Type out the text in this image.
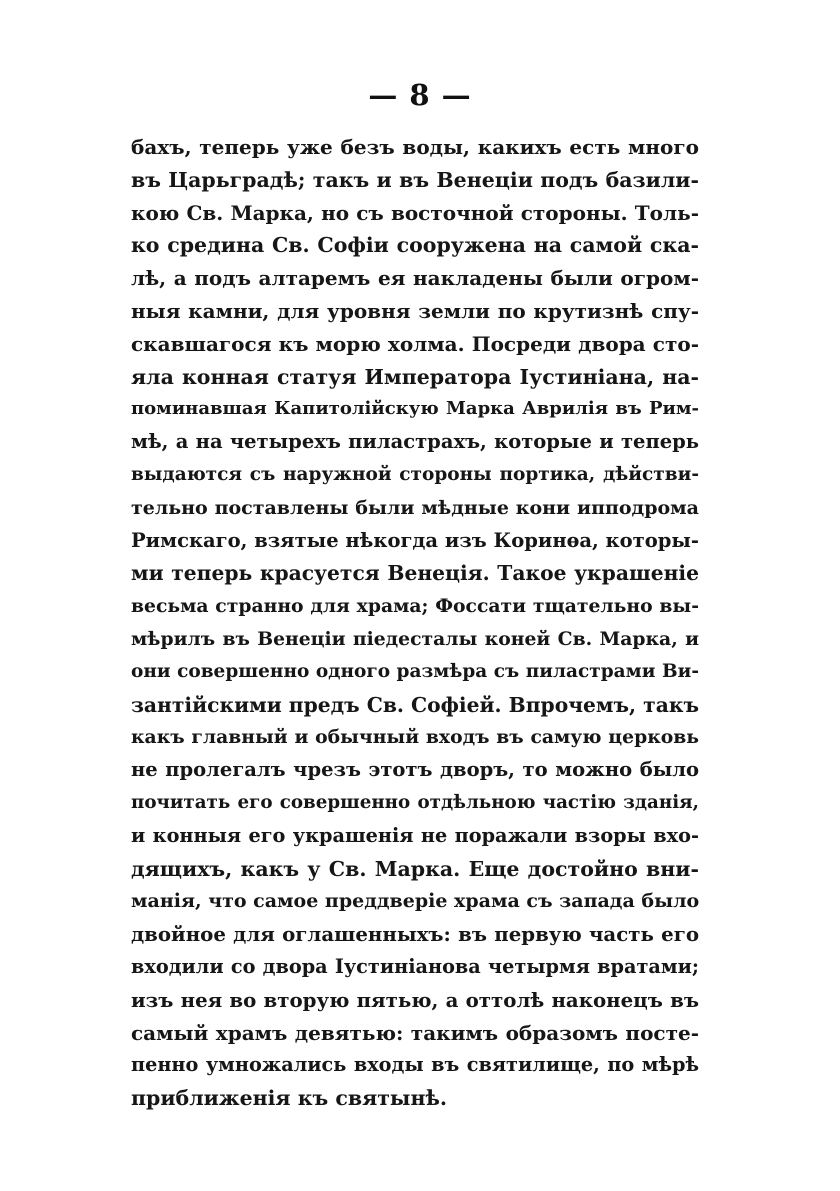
— 8 —
бахъ, теперь уже безъ воды, какихъ есть много
въ Царьградѣ; такъ и въ Венеціи подъ базили-
кою Св. Марка, но съ восточной стороны. Толь-
ко средина Св. Софіи сооружена на самой ска-
лѣ, а подъ алтаремъ ея накладены были огром-
ныя камни, для уровня земли по крутизнѣ спу-
скавшагося къ морю холма. Посреди двора сто-
яла конная статуя Императора Іустиніана, на-
поминавшая Капитолійскую Марка Аврилія въ Рим-
мѣ, а на четырехъ пиластрахъ, которые и теперь
выдаются съ наружной стороны портика, дѣйстви-
тельно поставлены были мѣдные кони ипподрома
Римскаго, взятые нѣкогда изъ Коринѳа, которы-
ми теперь красуется Венеція. Такое украшеніе
весьма странно для храма; Фоссати тщательно вы-
мѣрилъ въ Венеціи піедесталы коней Св. Марка, и
они совершенно одного размѣра съ пиластрами Ви-
зантійскими предъ Св. Софіей. Впрочемъ, такъ
какъ главный и обычный входъ въ самую церковь
не пролегалъ чрезъ этотъ дворъ, то можно было
почитать его совершенно отдѣльною частію зданія,
и конныя его украшенія не поражали взоры вхо-
дящихъ, какъ у Св. Марка. Еще достойно вни-
манія, что самое преддверіе храма съ запада было
двойное для оглашенныхъ: въ первую часть его
входили со двора Іустиніанова четырмя вратами;
изъ нея во вторую пятью, а оттолѣ наконецъ въ
самый храмъ девятью: такимъ образомъ посте-
пенно умножались входы въ святилище, по мѣрѣ
приближенія къ святынѣ.
